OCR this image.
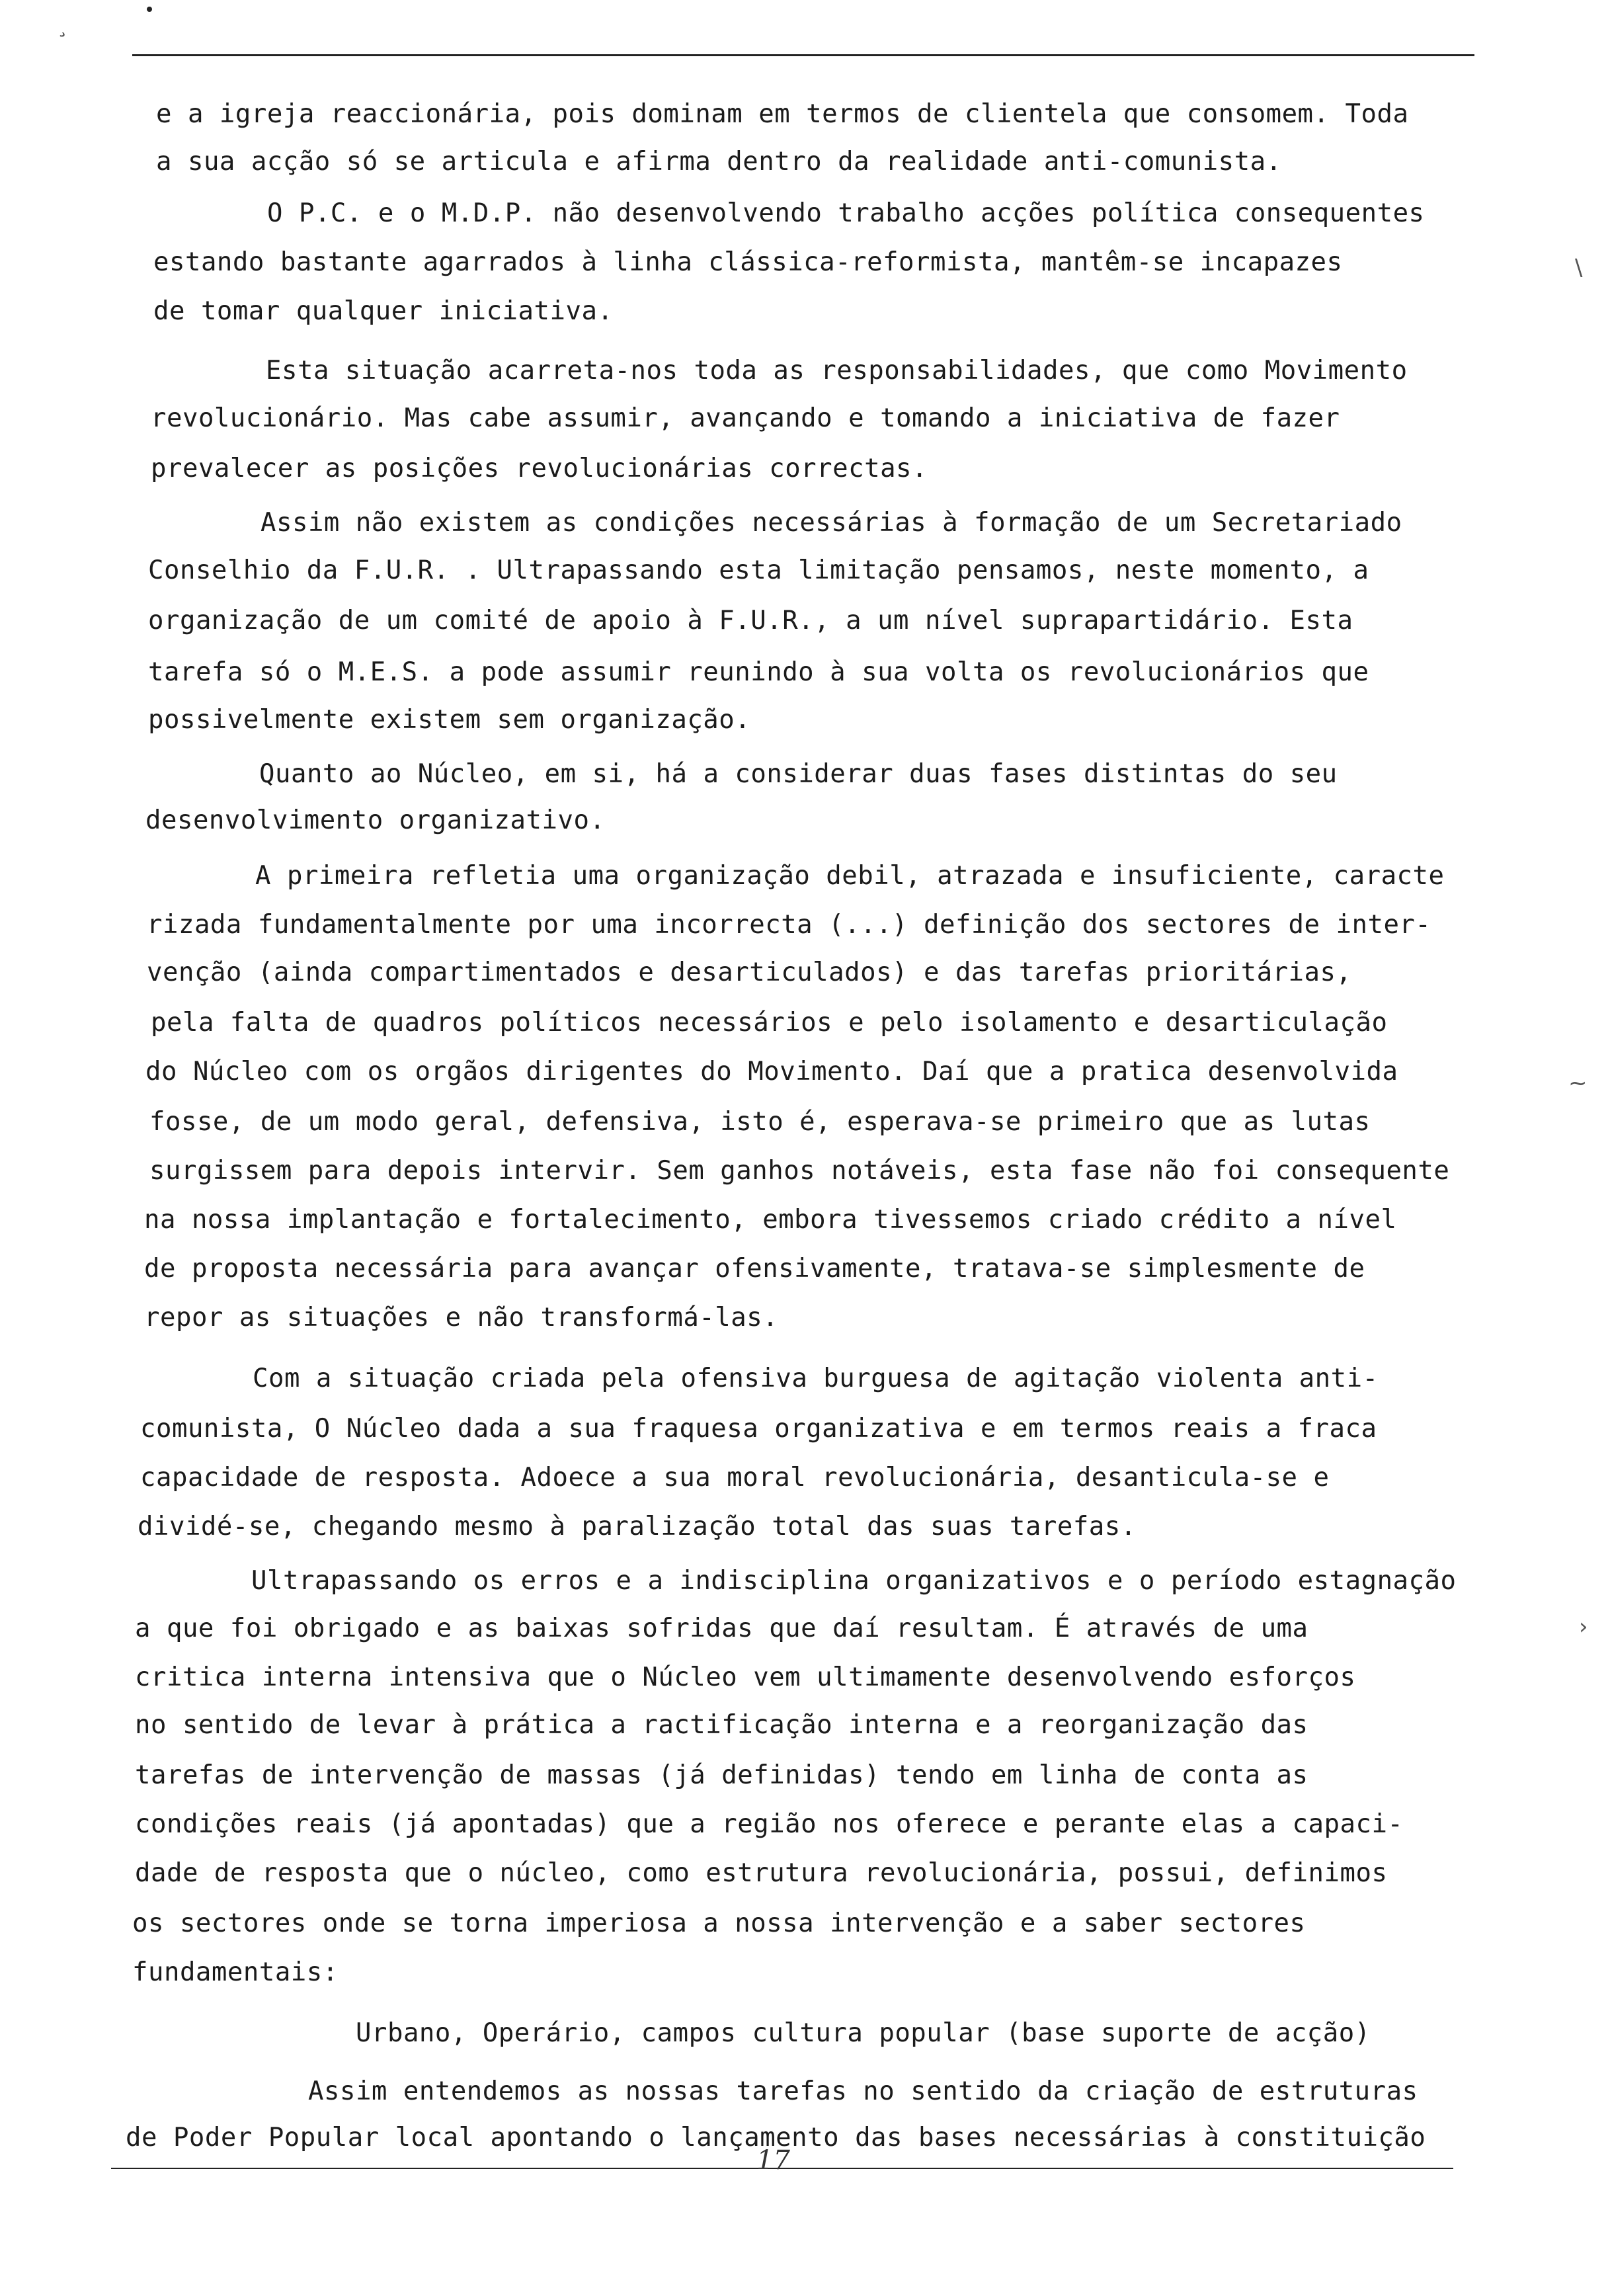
¸
\
~
›
e a igreja reaccionária, pois dominam em termos de clientela que consomem. Toda
a sua acção só se articula e afirma dentro da realidade anti-comunista.
O P.C. e o M.D.P. não desenvolvendo trabalho acções política consequentes
estando bastante agarrados à linha clássica-reformista, mantêm-se incapazes
de tomar qualquer iniciativa.
Esta situação acarreta-nos toda as responsabilidades, que como Movimento
revolucionário. Mas cabe assumir, avançando e tomando a iniciativa de fazer
prevalecer as posições revolucionárias correctas.
Assim não existem as condições necessárias à formação de um Secretariado
Conselhio da F.U.R. . Ultrapassando esta limitação pensamos, neste momento, a
organização de um comité de apoio à F.U.R., a um nível suprapartidário. Esta
tarefa só o M.E.S. a pode assumir reunindo à sua volta os revolucionários que
possivelmente existem sem organização.
Quanto ao Núcleo, em si, há a considerar duas fases distintas do seu
desenvolvimento organizativo.
A primeira refletia uma organização debil, atrazada e insuficiente, caracte
rizada fundamentalmente por uma incorrecta (...) definição dos sectores de inter-
venção (ainda compartimentados e desarticulados) e das tarefas prioritárias,
pela falta de quadros políticos necessários e pelo isolamento e desarticulação
do Núcleo com os orgãos dirigentes do Movimento. Daí que a pratica desenvolvida
fosse, de um modo geral, defensiva, isto é, esperava-se primeiro que as lutas
surgissem para depois intervir. Sem ganhos notáveis, esta fase não foi consequente
na nossa implantação e fortalecimento, embora tivessemos criado crédito a nível
de proposta necessária para avançar ofensivamente, tratava-se simplesmente de
repor as situações e não transformá-las.
Com a situação criada pela ofensiva burguesa de agitação violenta anti-
comunista, O Núcleo dada a sua fraquesa organizativa e em termos reais a fraca
capacidade de resposta. Adoece a sua moral revolucionária, desanticula-se e
dividé-se, chegando mesmo à paralização total das suas tarefas.
Ultrapassando os erros e a indisciplina organizativos e o período estagnação
a que foi obrigado e as baixas sofridas que daí resultam. É através de uma
critica interna intensiva que o Núcleo vem ultimamente desenvolvendo esforços
no sentido de levar à prática a ractificação interna e a reorganização das
tarefas de intervenção de massas (já definidas) tendo em linha de conta as
condições reais (já apontadas) que a região nos oferece e perante elas a capaci-
dade de resposta que o núcleo, como estrutura revolucionária, possui, definimos
os sectores onde se torna imperiosa a nossa intervenção e a saber sectores
fundamentais:
Urbano, Operário, campos cultura popular (base suporte de acção)
Assim entendemos as nossas tarefas no sentido da criação de estruturas
de Poder Popular local apontando o lançamento das bases necessárias à constituição
17
